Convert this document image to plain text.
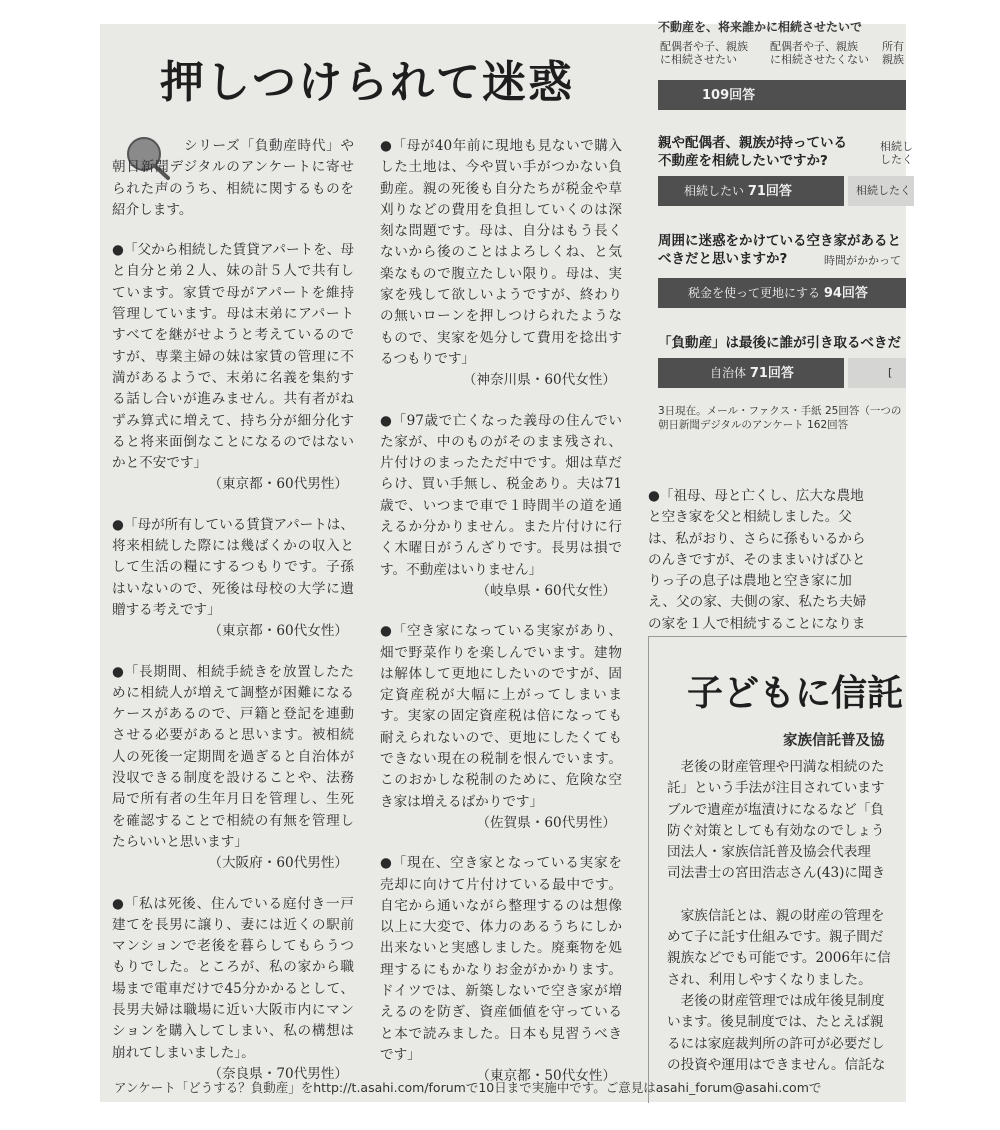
押しつけられて迷惑

シリーズ「負動産時代」や朝日新聞デジタルのアンケートに寄せられた声のうち、相続に関するものを紹介します。

●「父から相続した賃貸アパートを、母と自分と弟２人、妹の計５人で共有しています。家賃で母がアパートを維持管理しています。母は末弟にアパートすべてを継がせようと考えているのですが、専業主婦の妹は家賃の管理に不満があるようで、末弟に名義を集約する話し合いが進みません。共有者がねずみ算式に増えて、持ち分が細分化すると将来面倒なことになるのではないかと不安です」
（東京都・60代男性）

●「母が所有している賃貸アパートは、将来相続した際には幾ばくかの収入として生活の糧にするつもりです。子孫はいないので、死後は母校の大学に遺贈する考えです」
（東京都・60代女性）

●「長期間、相続手続きを放置したために相続人が増えて調整が困難になるケースがあるので、戸籍と登記を連動させる必要があると思います。被相続人の死後一定期間を過ぎると自治体が没収できる制度を設けることや、法務局で所有者の生年月日を管理し、生死を確認することで相続の有無を管理したらいいと思います」
（大阪府・60代男性）

●「私は死後、住んでいる庭付き一戸建てを長男に譲り、妻には近くの駅前マンションで老後を暮らしてもらうつもりでした。ところが、私の家から職場まで電車だけで45分かかるとして、長男夫婦は職場に近い大阪市内にマンションを購入してしまい、私の構想は崩れてしまいました」。
（奈良県・70代男性）

●「母が40年前に現地も見ないで購入した土地は、今や買い手がつかない負動産。親の死後も自分たちが税金や草刈りなどの費用を負担していくのは深刻な問題です。母は、自分はもう長くないから後のことはよろしくね、と気楽なもので腹立たしい限り。母は、実家を残して欲しいようですが、終わりの無いローンを押しつけられたようなもので、実家を処分して費用を捻出するつもりです」
（神奈川県・60代女性）

●「97歳で亡くなった義母の住んでいた家が、中のものがそのまま残され、片付けのまったただ中です。畑は草だらけ、買い手無し、税金あり。夫は71歳で、いつまで車で１時間半の道を通えるか分かりません。また片付けに行く木曜日がうんざりです。長男は損です。不動産はいりません」
（岐阜県・60代女性）

●「空き家になっている実家があり、畑で野菜作りを楽しんでいます。建物は解体して更地にしたいのですが、固定資産税が大幅に上がってしまいます。実家の固定資産税は倍になっても耐えられないので、更地にしたくてもできない現在の税制を恨んでいます。このおかしな税制のために、危険な空き家は増えるばかりです」
（佐賀県・60代男性）

●「現在、空き家となっている実家を売却に向けて片付けている最中です。自宅から通いながら整理するのは想像以上に大変で、体力のあるうちにしか出来ないと実感しました。廃棄物を処理するにもかなりお金がかかります。ドイツでは、新築しないで空き家が増えるのを防ぎ、資産価値を守っていると本で読みました。日本も見習うべきです」
（東京都・50代女性）

不動産を、将来誰かに相続させたいで
配偶者や子、親族
に相続させたい
配偶者や子、親族
に相続させたくない
所有
親族
109回答
親や配偶者、親族が持っている
不動産を相続したいですか?
相続し
したく
相続したい 71回答	相続したく
周囲に迷惑をかけている空き家があると
べきだと思いますか?	時間がかかって
税金を使って更地にする 94回答
「負動産」は最後に誰が引き取るべきだ
自治体 71回答	[
3日現在。メール・ファクス・手紙 25回答（一つの
朝日新聞デジタルのアンケート 162回答

●「祖母、母と亡くし、広大な農地

と空き家を父と相続しました。父

は、私がおり、さらに孫もいるから

のんきですが、そのままいけばひと

りっ子の息子は農地と空き家に加

え、父の家、夫側の家、私たち夫婦

の家を１人で相続することになりま

子どもに信託
家族信託普及協

　老後の財産管理や円満な相続のた

託」という手法が注目されています

ブルで遺産が塩漬けになるなど「負

防ぐ対策としても有効なのでしょう

団法人・家族信託普及協会代表理

司法書士の宮田浩志さん(43)に聞き

　家族信託とは、親の財産の管理を

めて子に託す仕組みです。親子間だ

親族などでも可能です。2006年に信

され、利用しやすくなりました。

　老後の財産管理では成年後見制度

います。後見制度では、たとえば親

るには家庭裁判所の許可が必要だし

の投資や運用はできません。信託な

アンケート「どうする？負動産」をhttp://t.asahi.com/forumで10日まで実施中です。ご意見はasahi_forum@asahi.comで
